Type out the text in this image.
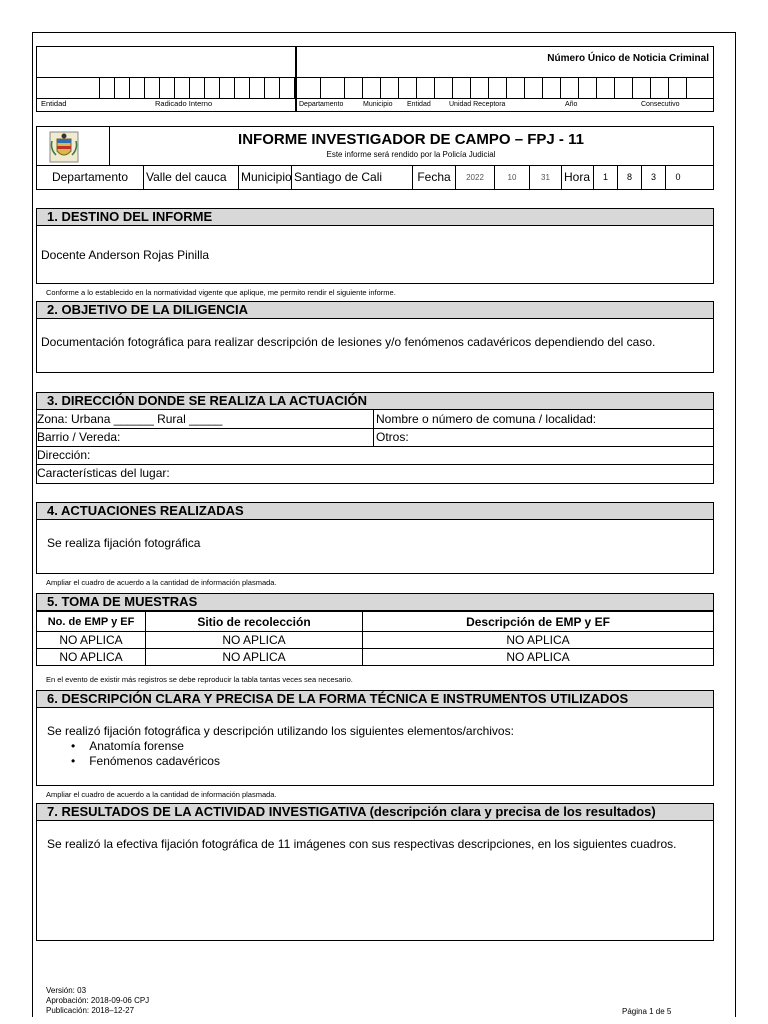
Entidad	Radicado Interno
Número Único de Noticia Criminal
Departamento	Municipio Entidad	Unidad Receptora	Año	Consecutivo
INFORME INVESTIGADOR DE CAMPO – FPJ - 11
Este informe será rendido por la Policía Judicial
Departamento	Valle del cauca	Municipio Santiago de Cali	Fecha	2022	10	31	Hora	1	8	3	0
1. DESTINO DEL INFORME
Docente Anderson Rojas Pinilla
Conforme a lo establecido en la normatividad vigente que aplique, me permito rendir el siguiente informe.
2. OBJETIVO DE LA DILIGENCIA
Documentación fotográfica para realizar descripción de lesiones y/o fenómenos cadavéricos dependiendo del caso.
3. DIRECCIÓN DONDE SE REALIZA LA ACTUACIÓN
Zona: Urbana ______ Rural _____	Nombre o número de comuna / localidad:
Barrio / Vereda:	Otros:
Dirección:
Características del lugar:
4. ACTUACIONES REALIZADAS
Se realiza fijación fotográfica
Ampliar el cuadro de acuerdo a la cantidad de información plasmada.
5. TOMA DE MUESTRAS
No. de EMP y EF	Sitio de recolección	Descripción de EMP y EF
NO APLICA	NO APLICA	NO APLICA
NO APLICA	NO APLICA	NO APLICA
En el evento de existir más registros se debe reproducir la tabla tantas veces sea necesario.
6. DESCRIPCIÓN CLARA Y PRECISA DE LA FORMA TÉCNICA E INSTRUMENTOS UTILIZADOS
Se realizó fijación fotográfica y descripción utilizando los siguientes elementos/archivos:
• Anatomía forense
• Fenómenos cadavéricos
Ampliar el cuadro de acuerdo a la cantidad de información plasmada.
7. RESULTADOS DE LA ACTIVIDAD INVESTIGATIVA (descripción clara y precisa de los resultados)
Se realizó la efectiva fijación fotográfica de 11 imágenes con sus respectivas descripciones, en los siguientes cuadros.
Versión: 03
Aprobación: 2018-09-06 CPJ
Publicación: 2018–12-27	Página 1 de 5
